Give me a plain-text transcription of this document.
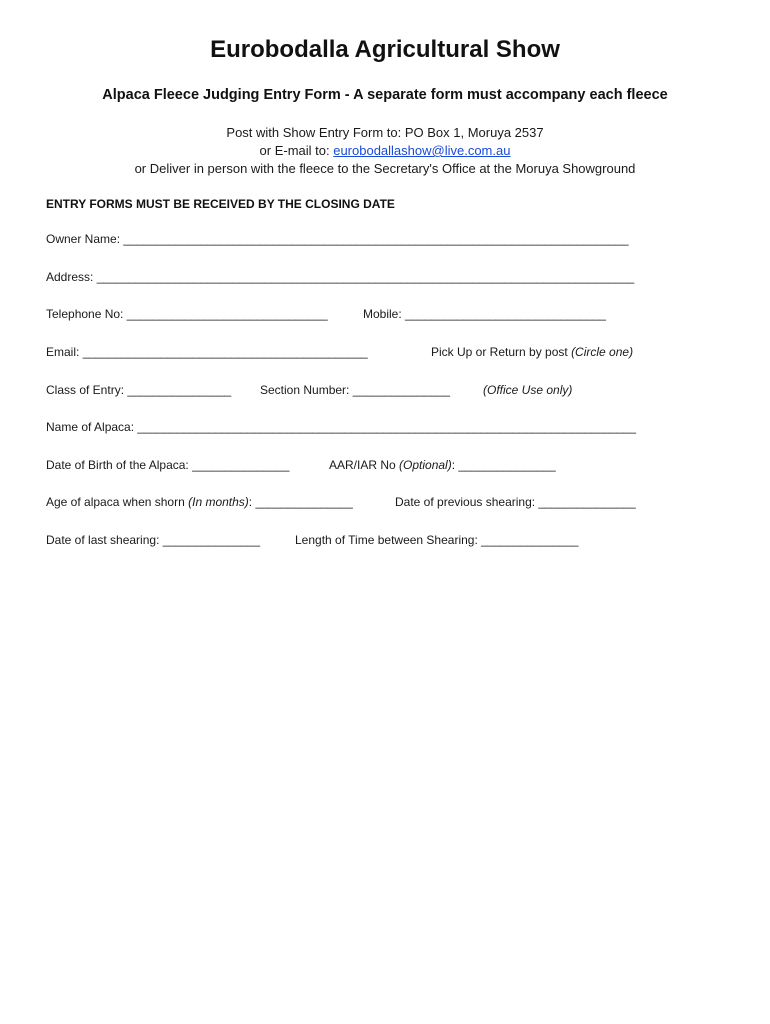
Eurobodalla Agricultural Show
Alpaca Fleece Judging Entry Form - A separate form must accompany each fleece
Post with Show Entry Form to: PO Box 1, Moruya 2537
or E-mail to: eurobodallashow@live.com.au
or Deliver in person with the fleece to the Secretary's Office at the Moruya Showground
ENTRY FORMS MUST BE RECEIVED BY THE CLOSING DATE
Owner Name: ______________________________________________________________________________
Address: ___________________________________________________________________________________
Telephone No: _______________________________	Mobile: _______________________________
Email: ____________________________________________	Pick Up or Return by post (Circle one)
Class of Entry: ________________ Section Number: _______________	(Office Use only)
Name of Alpaca: _____________________________________________________________________________
Date of Birth of the Alpaca: _______________	AAR/IAR No (Optional): _______________
Age of alpaca when shorn (In months): _______________	Date of previous shearing: _______________
Date of last shearing: _______________	Length of Time between Shearing: _______________
